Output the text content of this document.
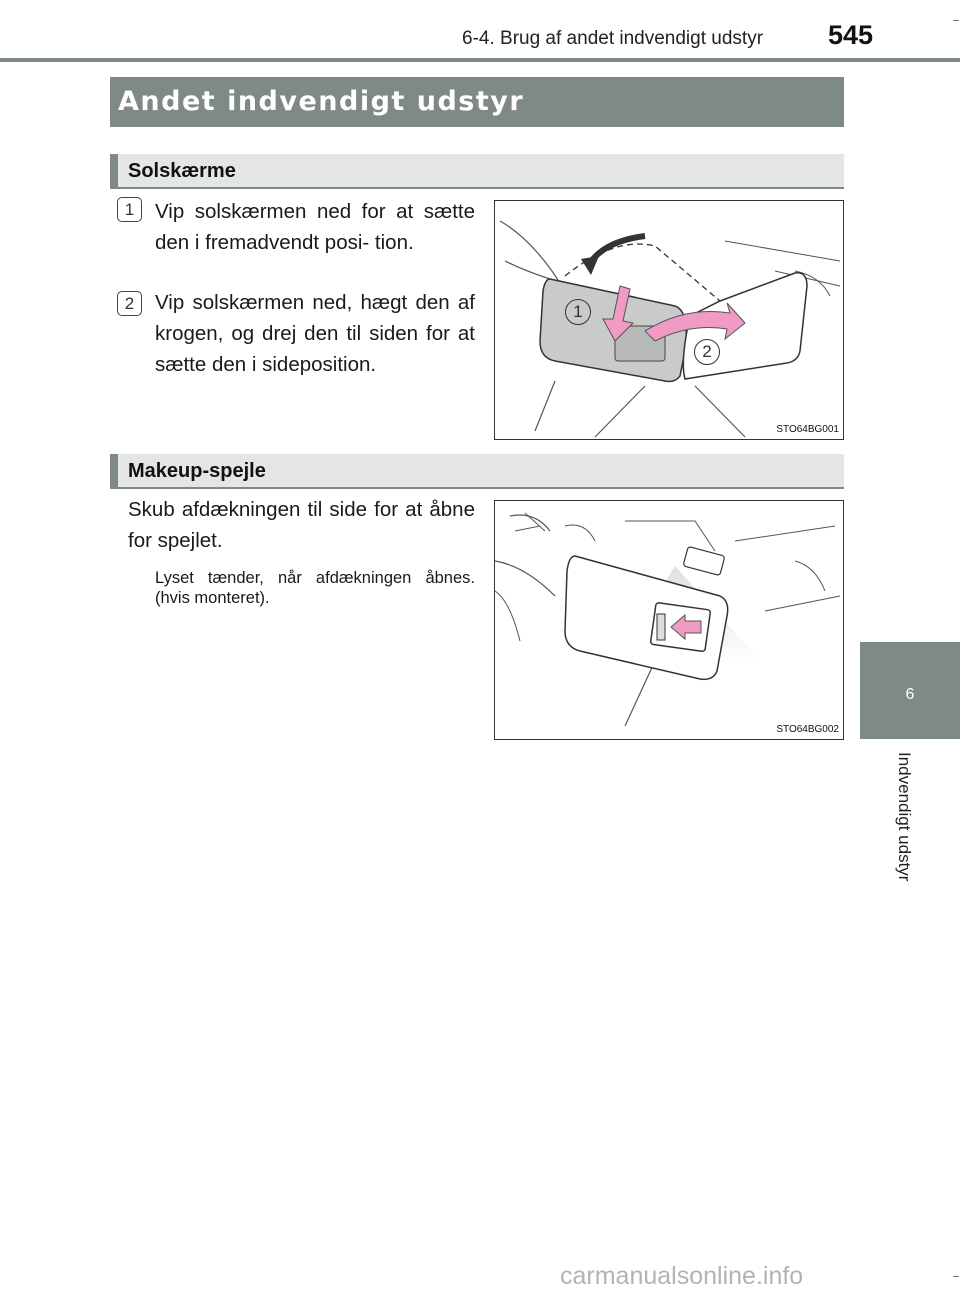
6-4. Brug af andet indvendigt udstyr 545
Andet indvendigt udstyr
Solskærme
1	Vip solskærmen ned for at sætte den i fremadvendt posi- tion.
2	Vip solskærmen ned, hægt den af krogen, og drej den til siden for at sætte den i sideposition.
1
2
STO64BG001
Makeup-spejle
Skub afdækningen til side for at åbne for spejlet.
Lyset tænder, når afdækningen åbnes. (hvis monteret).
STO64BG002
6
Indvendigt udstyr
carmanualsonline.info
